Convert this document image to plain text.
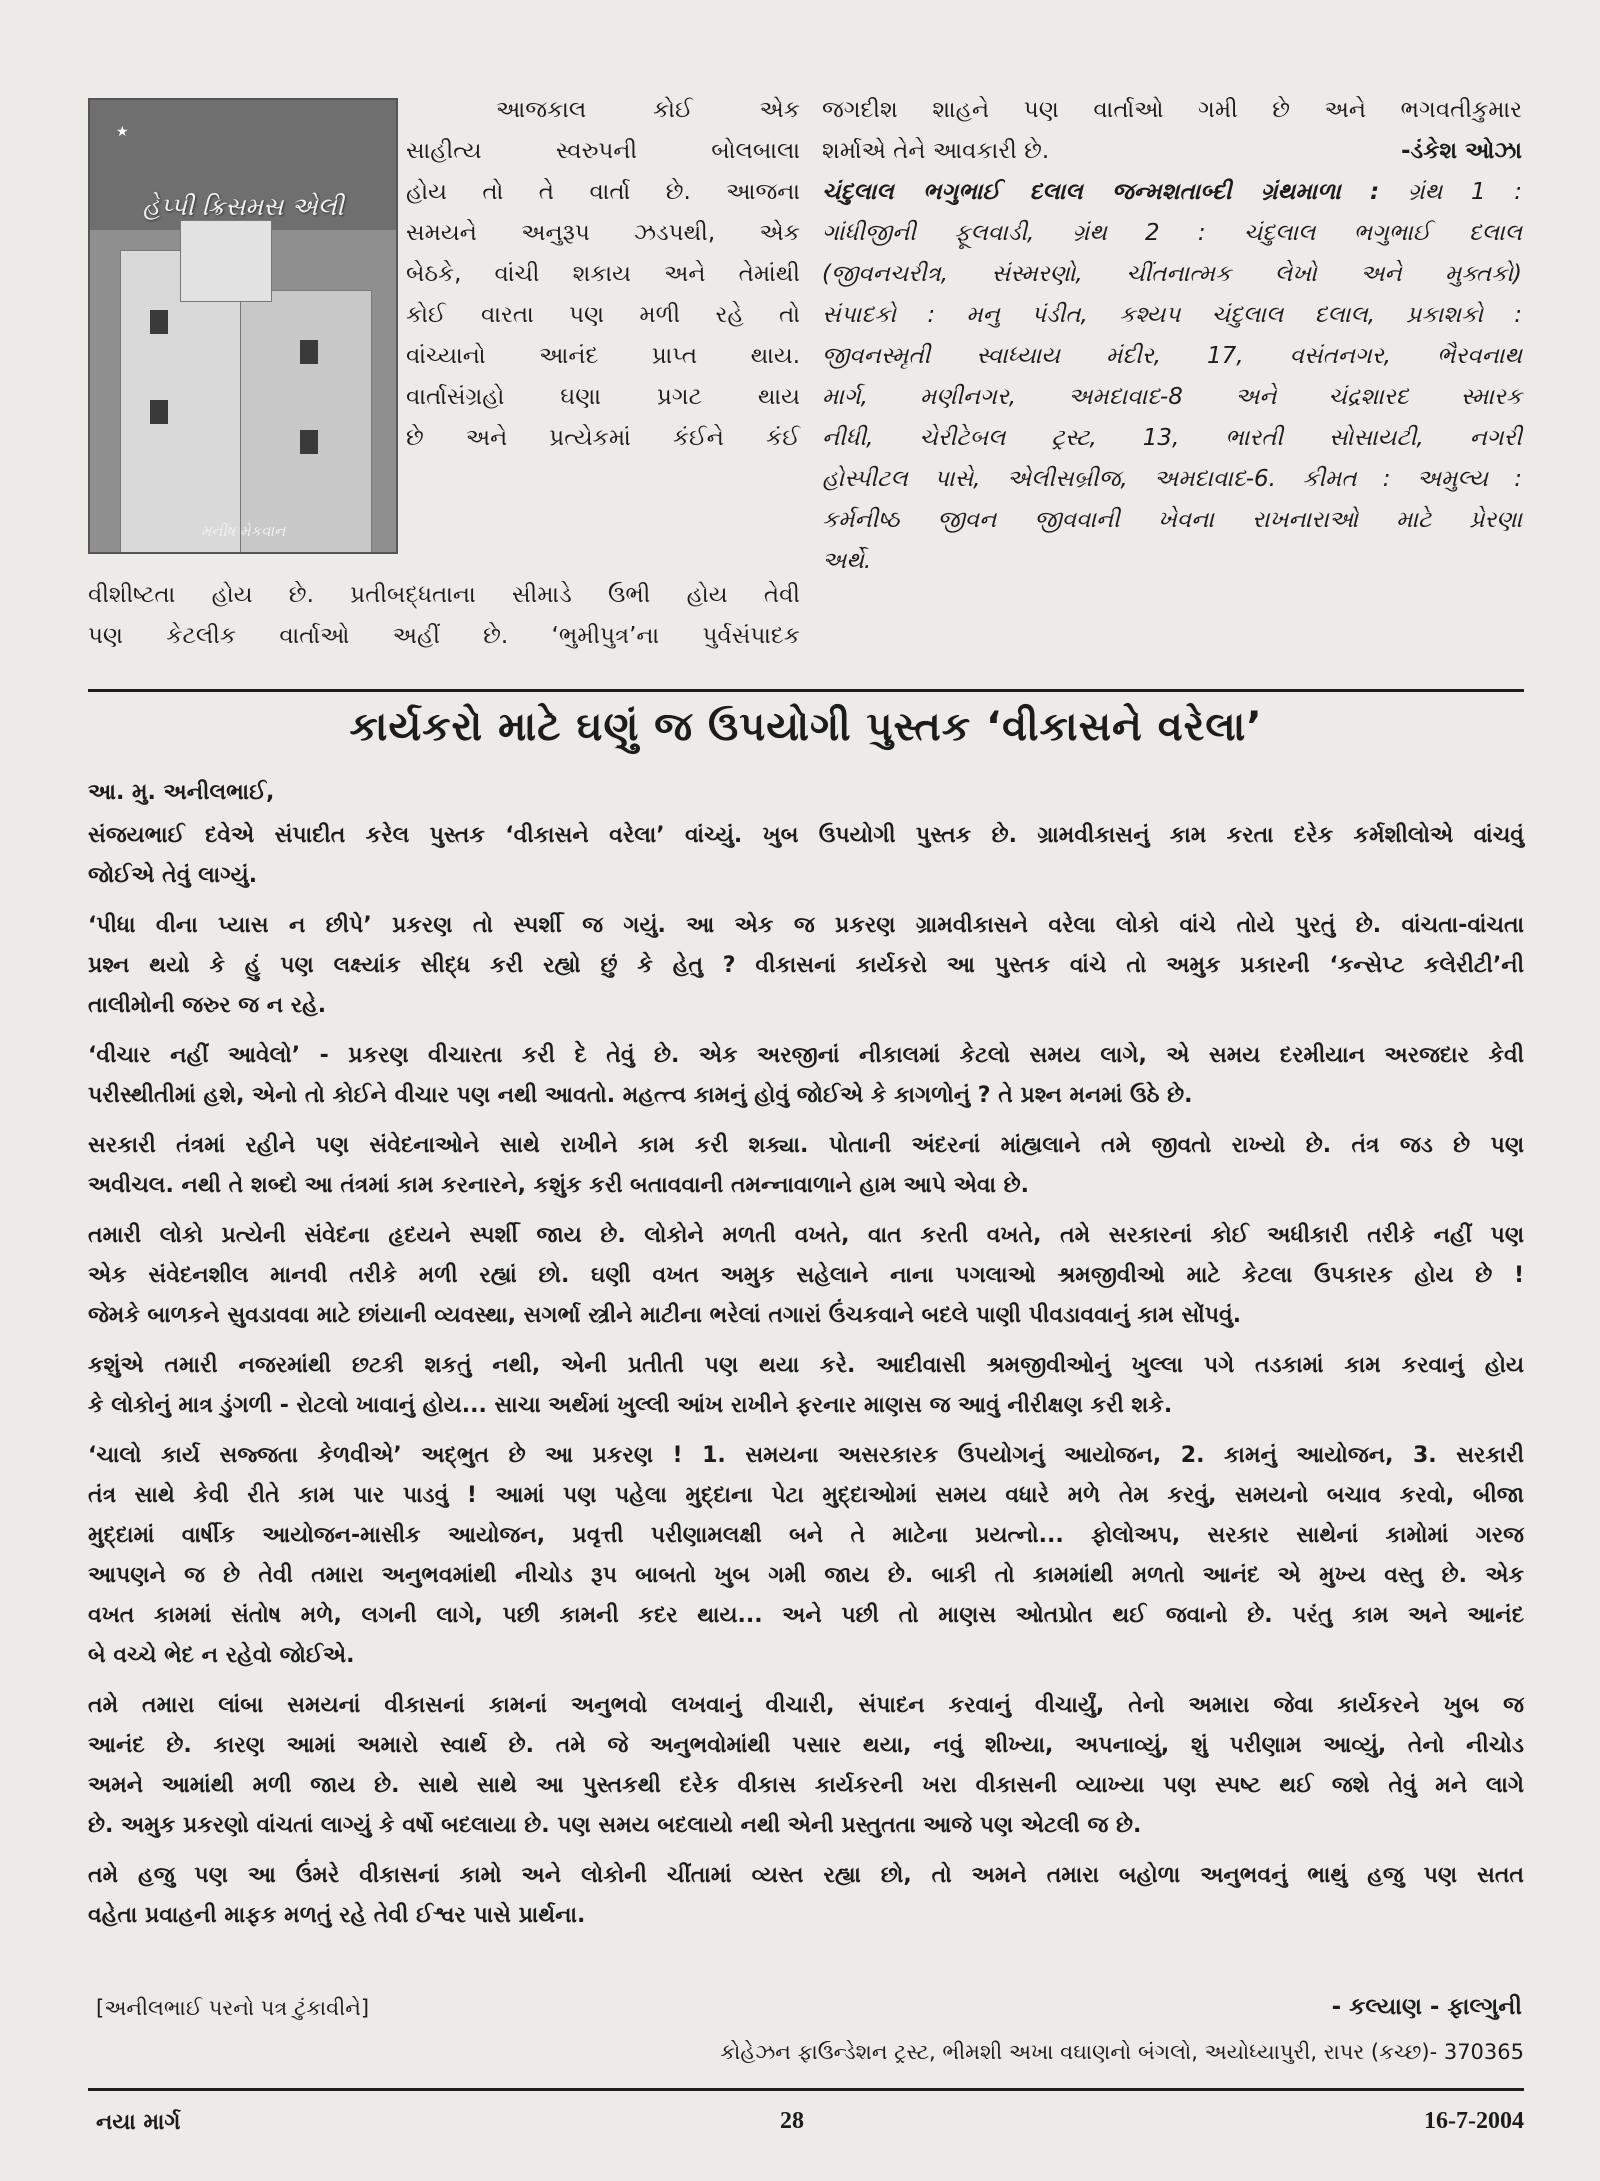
★
હેપ્પી ક્રિસમસ એલી
મનીષ મેકવાન

આજકાલ કોઈ એક

સાહીત્ય સ્વરુપની બોલબાલા

હોય તો તે વાર્તા છે. આજના

સમયને અનુરૂપ ઝડપથી, એક

બેઠકે, વાંચી શકાય અને તેમાંથી

કોઈ વારતા પણ મળી રહે તો

વાંચ્યાનો આનંદ પ્રાપ્ત થાય.

વાર્તાસંગ્રહો ઘણા પ્રગટ થાય

છે અને પ્રત્યેકમાં કંઈને કંઈ

વીશીષ્ટતા હોય છે. પ્રતીબદ્ધતાના સીમાડે ઉભી હોય તેવી
પણ કેટલીક વાર્તાઓ અહીં છે. ‘ભુમીપુત્ર’ના પુર્વસંપાદક
જગદીશ શાહને પણ વાર્તાઓ ગમી છે અને ભગવતીકુમાર
શર્માએ તેને આવકારી છે.	-ડંકેશ ઓઝા
ચંદુલાલ ભગુભાઈ દલાલ જન્મશતાબ્દી ગ્રંથમાળા : ગ્રંથ 1 :
ગાંધીજીની ફૂલવાડી, ગ્રંથ 2 : ચંદુલાલ ભગુભાઈ દલાલ
(જીવનચરીત્ર, સંસ્મરણો, ચીંતનાત્મક લેખો અને મુક્તકો)
સંપાદકો : મનુ પંડીત, કશ્યપ ચંદુલાલ દલાલ, પ્રકાશકો :
જીવનસ્મૃતી સ્વાધ્યાય મંદીર, 17, વસંતનગર, ભૈરવનાથ
માર્ગ, મણીનગર, અમદાવાદ-8 અને ચંદ્રશારદ સ્મારક
નીધી, ચેરીટેબલ ટ્રસ્ટ, 13, ભારતી સોસાયટી, નગરી
હોસ્પીટલ પાસે, એલીસબ્રીજ, અમદાવાદ-6. કીમત : અમુલ્ય :
કર્મનીષ્ઠ જીવન જીવવાની ખેવના રાખનારાઓ માટે પ્રેરણા
અર્થે.
કાર્યકરો માટે ઘણું જ ઉપયોગી પુસ્તક ‘વીકાસને વરેલા’
આ. મુ. અનીલભાઈ,

સંજયભાઈ દવેએ સંપાદીત કરેલ પુસ્તક ‘વીકાસને વરેલા’ વાંચ્યું. ખુબ ઉપયોગી પુસ્તક છે. ગ્રામવીકાસનું કામ કરતા દરેક કર્મશીલોએ વાંચવું
જોઈએ તેવું લાગ્યું.

‘પીધા વીના પ્યાસ ન છીપે’ પ્રકરણ તો સ્પર્શી જ ગયું. આ એક જ પ્રકરણ ગ્રામવીકાસને વરેલા લોકો વાંચે તોયે પુરતું છે. વાંચતા-વાંચતા
પ્રશ્ન થયો કે હું પણ લક્ષ્યાંક સીદ્ધ કરી રહ્યો છું કે હેતુ ? વીકાસનાં કાર્યકરો આ પુસ્તક વાંચે તો અમુક પ્રકારની ‘કન્સેપ્ટ કલેરીટી’ની
તાલીમોની જરુર જ ન રહે.

‘વીચાર નહીં આવેલો’ - પ્રકરણ વીચારતા કરી દે તેવું છે. એક અરજીનાં નીકાલમાં કેટલો સમય લાગે, એ સમય દરમીયાન અરજદાર કેવી
પરીસ્થીતીમાં હશે, એનો તો કોઈને વીચાર પણ નથી આવતો. મહત્ત્વ કામનું હોવું જોઈએ કે કાગળોનું ? તે પ્રશ્ન મનમાં ઉઠે છે.

સરકારી તંત્રમાં રહીને પણ સંવેદનાઓને સાથે રાખીને કામ કરી શક્યા. પોતાની અંદરનાં માંહ્યલાને તમે જીવતો રાખ્યો છે. તંત્ર જડ છે પણ
અવીચલ. નથી તે શબ્દો આ તંત્રમાં કામ કરનારને, કશુંક કરી બતાવવાની તમન્નાવાળાને હામ આપે એવા છે.

તમારી લોકો પ્રત્યેની સંવેદના હૃદયને સ્પર્શી જાય છે. લોકોને મળતી વખતે, વાત કરતી વખતે, તમે સરકારનાં કોઈ અધીકારી તરીકે નહીં પણ
એક સંવેદનશીલ માનવી તરીકે મળી રહ્યાં છો. ઘણી વખત અમુક સહેલાને નાના પગલાઓ શ્રમજીવીઓ માટે કેટલા ઉપકારક હોય છે !
જેમકે બાળકને સુવડાવવા માટે છાંયાની વ્યવસ્થા, સગર્ભા સ્ત્રીને માટીના ભરેલાં તગારાં ઉંચકવાને બદલે પાણી પીવડાવવાનું કામ સોંપવું.

કશુંએ તમારી નજરમાંથી છટકી શકતું નથી, એની પ્રતીતી પણ થયા કરે. આદીવાસી શ્રમજીવીઓનું ખુલ્લા પગે તડકામાં કામ કરવાનું હોય
કે લોકોનું માત્ર ડુંગળી - રોટલો ખાવાનું હોય... સાચા અર્થમાં ખુલ્લી આંખ રાખીને ફરનાર માણસ જ આવું નીરીક્ષણ કરી શકે.

‘ચાલો કાર્ય સજ્જતા કેળવીએ’ અદ્ભુત છે આ પ્રકરણ ! 1. સમયના અસરકારક ઉપયોગનું આયોજન, 2. કામનું આયોજન, 3. સરકારી
તંત્ર સાથે કેવી રીતે કામ પાર પાડવું ! આમાં પણ પહેલા મુદ્દાના પેટા મુદ્દાઓમાં સમય વધારે મળે તેમ કરવું, સમયનો બચાવ કરવો, બીજા
મુદ્દામાં વાર્ષીક આયોજન-માસીક આયોજન, પ્રવૃત્તી પરીણામલક્ષી બને તે માટેના પ્રયત્નો... ફોલોઅપ, સરકાર સાથેનાં કામોમાં ગરજ
આપણને જ છે તેવી તમારા અનુભવમાંથી નીચોડ રૂપ બાબતો ખુબ ગમી જાય છે. બાકી તો કામમાંથી મળતો આનંદ એ મુખ્ય વસ્તુ છે. એક
વખત કામમાં સંતોષ મળે, લગની લાગે, પછી કામની કદર થાય... અને પછી તો માણસ ઓતપ્રોત થઈ જવાનો છે. પરંતુ કામ અને આનંદ
બે વચ્ચે ભેદ ન રહેવો જોઈએ.

તમે તમારા લાંબા સમયનાં વીકાસનાં કામનાં અનુભવો લખવાનું વીચારી, સંપાદન કરવાનું વીચાર્યું, તેનો અમારા જેવા કાર્યકરને ખુબ જ
આનંદ છે. કારણ આમાં અમારો સ્વાર્થ છે. તમે જે અનુભવોમાંથી પસાર થયા, નવું શીખ્યા, અપનાવ્યું, શું પરીણામ આવ્યું, તેનો નીચોડ
અમને આમાંથી મળી જાય છે. સાથે સાથે આ પુસ્તકથી દરેક વીકાસ કાર્યકરની ખરા વીકાસની વ્યાખ્યા પણ સ્પષ્ટ થઈ જશે તેવું મને લાગે
છે. અમુક પ્રકરણો વાંચતાં લાગ્યું કે વર્ષો બદલાયા છે. પણ સમય બદલાયો નથી એની પ્રસ્તુતતા આજે પણ એટલી જ છે.

તમે હજુ પણ આ ઉંમરે વીકાસનાં કામો અને લોકોની ચીંતામાં વ્યસ્ત રહ્યા છો, તો અમને તમારા બહોળા અનુભવનું ભાથું હજુ પણ સતત
વહેતા પ્રવાહની માફક મળતું રહે તેવી ઈશ્વર પાસે પ્રાર્થના.

[અનીલભાઈ પરનો પત્ર ટુંકાવીને]	- કલ્યાણ - ફાલ્ગુની
કોહેઝન ફાઉન્ડેશન ટ્રસ્ટ, ભીમશી અખા વઘાણનો બંગલો, અયોધ્યાપુરી, રાપર (કચ્છ)- 370365
નયા માર્ગ	28	16-7-2004
